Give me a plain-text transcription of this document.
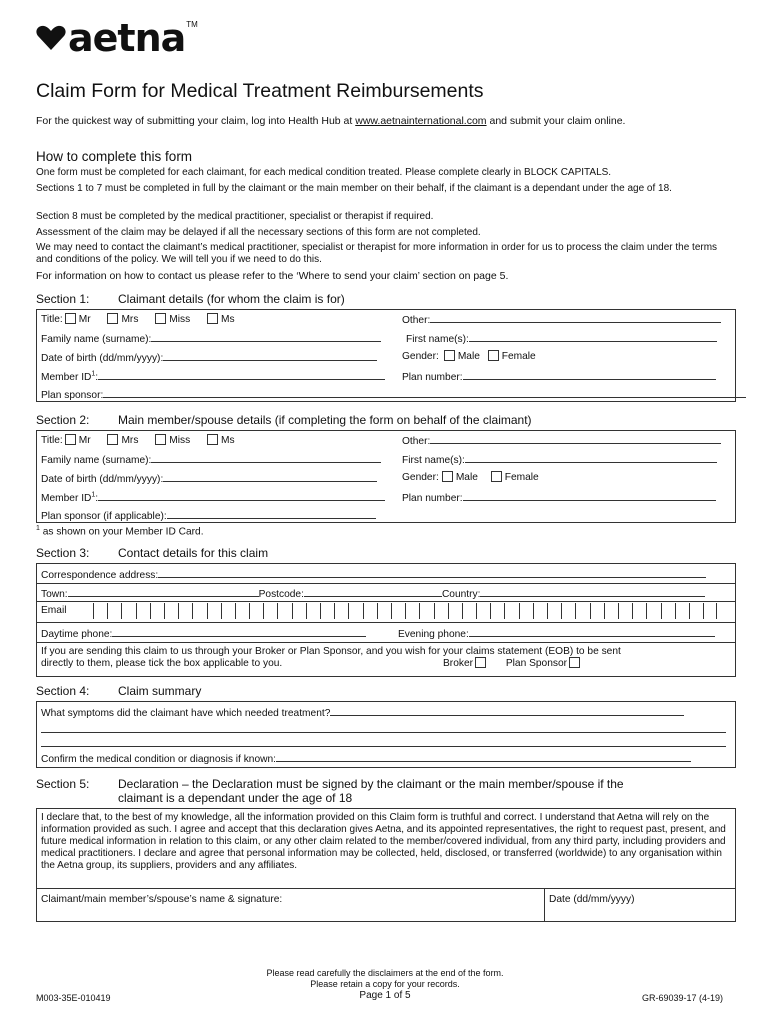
aetna TM
Claim Form for Medical Treatment Reimbursements
For the quickest way of submitting your claim, log into Health Hub at www.aetnainternational.com and submit your claim online.
How to complete this form
One form must be completed for each claimant, for each medical condition treated. Please complete clearly in BLOCK CAPITALS.
Sections 1 to 7 must be completed in full by the claimant or the main member on their behalf, if the claimant is a dependant under the age of 18.
Section 8 must be completed by the medical practitioner, specialist or therapist if required.
Assessment of the claim may be delayed if all the necessary sections of this form are not completed.
We may need to contact the claimant’s medical practitioner, specialist or therapist for more information in order for us to process the claim under the terms and conditions of the policy. We will tell you if we need to do this.
For information on how to contact us please refer to the ‘Where to send your claim’ section on page 5.
Section 1: Claimant details (for whom the claim is for)
Title: Mr	Mrs	Miss	Ms	Other:
Family name (surname):	First name(s):
Date of birth (dd/mm/yyyy):	Gender: Male Female
Member $ID^1$:	Plan number:
Plan sponsor:
Section 2: Main member/spouse details (if completing the form on behalf of the claimant)
Title: Mr	Mrs	Miss	Ms	Other:
Family name (surname):	First name(s):
Date of birth (dd/mm/yyyy):	Gender: Male	Female
Member $ID^1$:	Plan number:
Plan sponsor (if applicable):
$^1$ as shown on your Member ID Card.
Section 3: Contact details for this claim
Correspondence address:
Town:	Postcode:	Country:
Email
Daytime phone:	Evening phone:
If you are sending this claim to us through your Broker or Plan Sponsor, and you wish for your claims statement (EOB) to be sent
directly to them, please tick the box applicable to you.	Broker	Plan Sponsor
Section 4: Claim summary
What symptoms did the claimant have which needed treatment?
Confirm the medical condition or diagnosis if known:
Section 5: Declaration – the Declaration must be signed by the claimant or the main member/spouse if the
claimant is a dependant under the age of 18
I declare that, to the best of my knowledge, all the information provided on this Claim form is truthful and correct. I understand that Aetna will rely on the information provided as such. I agree and accept that this declaration gives Aetna, and its appointed representatives, the right to request past, present, and future medical information in relation to this claim, or any other claim related to the member/covered individual, from any third party, including providers and medical practitioners. I declare and agree that personal information may be collected, held, disclosed, or transferred (worldwide) to any organisation within the Aetna group, its suppliers, providers and any affiliates.
Claimant/main member’s/spouse’s name & signature:	Date (dd/mm/yyyy)
Please read carefully the disclaimers at the end of the form.
Please retain a copy for your records.
Page 1 of 5
M003-35E-010419	GR-69039-17 (4-19)
